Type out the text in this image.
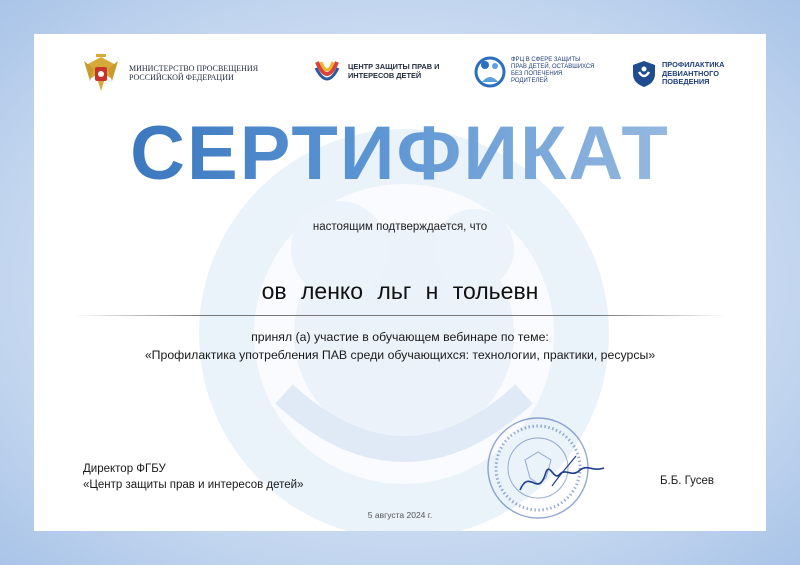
МИНИСТЕРСТВО ПРОСВЕЩЕНИЯ РОССИЙСКОЙ ФЕДЕРАЦИИ
ЦЕНТР ЗАЩИТЫ ПРАВ И ИНТЕРЕСОВ ДЕТЕЙ
ФРЦ В СФЕРЕ ЗАЩИТЫ ПРАВ ДЕТЕЙ, ОСТАВШИХСЯ БЕЗ ПОПЕЧЕНИЯ РОДИТЕЛЕЙ
ПРОФИЛАКТИКА ДЕВИАНТНОГО ПОВЕДЕНИЯ
СЕРТИФИКАТ
настоящим подтверждается, что
ов ленко льг н тольевн
принял (а) участие в обучающем вебинаре по теме:
«Профилактика употребления ПАВ среди обучающихся: технологии, практики, ресурсы»
Директор ФГБУ
«Центр защиты прав и интересов детей»	Б.Б. Гусев
5 августа 2024 г.
